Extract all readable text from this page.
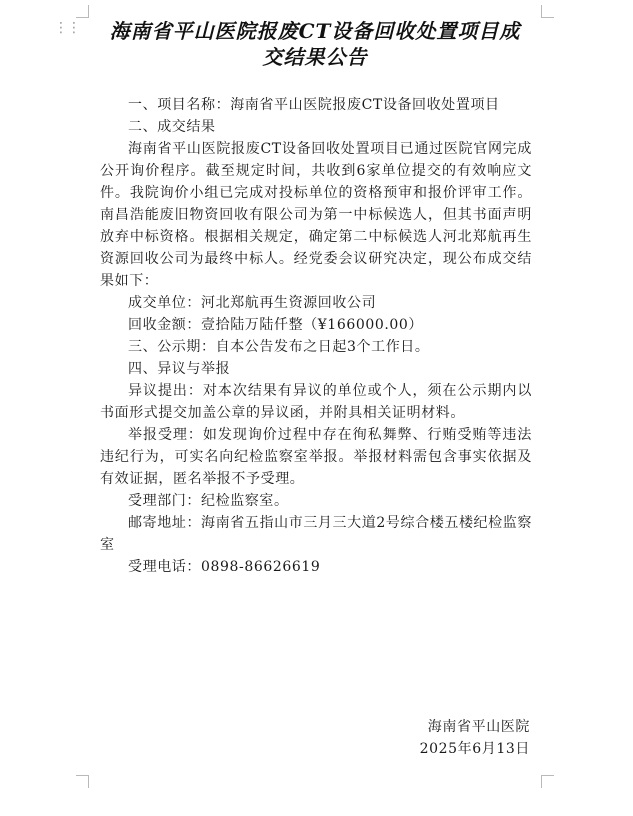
⋮⋮	海南省平山医院报废CT设备回收处置项目成交结果公告

一、项目名称：海南省平山医院报废CT设备回收处置项目

二、成交结果

海南省平山医院报废CT设备回收处置项目已通过医院官网完成公开询价程序。截至规定时间，共收到6家单位提交的有效响应文件。我院询价小组已完成对投标单位的资格预审和报价评审工作。南昌浩能废旧物资回收有限公司为第一中标候选人，但其书面声明放弃中标资格。根据相关规定，确定第二中标候选人河北郑航再生资源回收公司为最终中标人。经党委会议研究决定，现公布成交结果如下：

成交单位：河北郑航再生资源回收公司

回收金额：壹拾陆万陆仟整（¥166000.00）

三、公示期：自本公告发布之日起3个工作日。

四、异议与举报

异议提出：对本次结果有异议的单位或个人，须在公示期内以书面形式提交加盖公章的异议函，并附具相关证明材料。

举报受理：如发现询价过程中存在徇私舞弊、行贿受贿等违法违纪行为，可实名向纪检监察室举报。举报材料需包含事实依据及有效证据，匿名举报不予受理。

受理部门：纪检监察室。

邮寄地址：海南省五指山市三月三大道2号综合楼五楼纪检监察室

受理电话：0898-86626619

海南省平山医院
2025年6月13日
